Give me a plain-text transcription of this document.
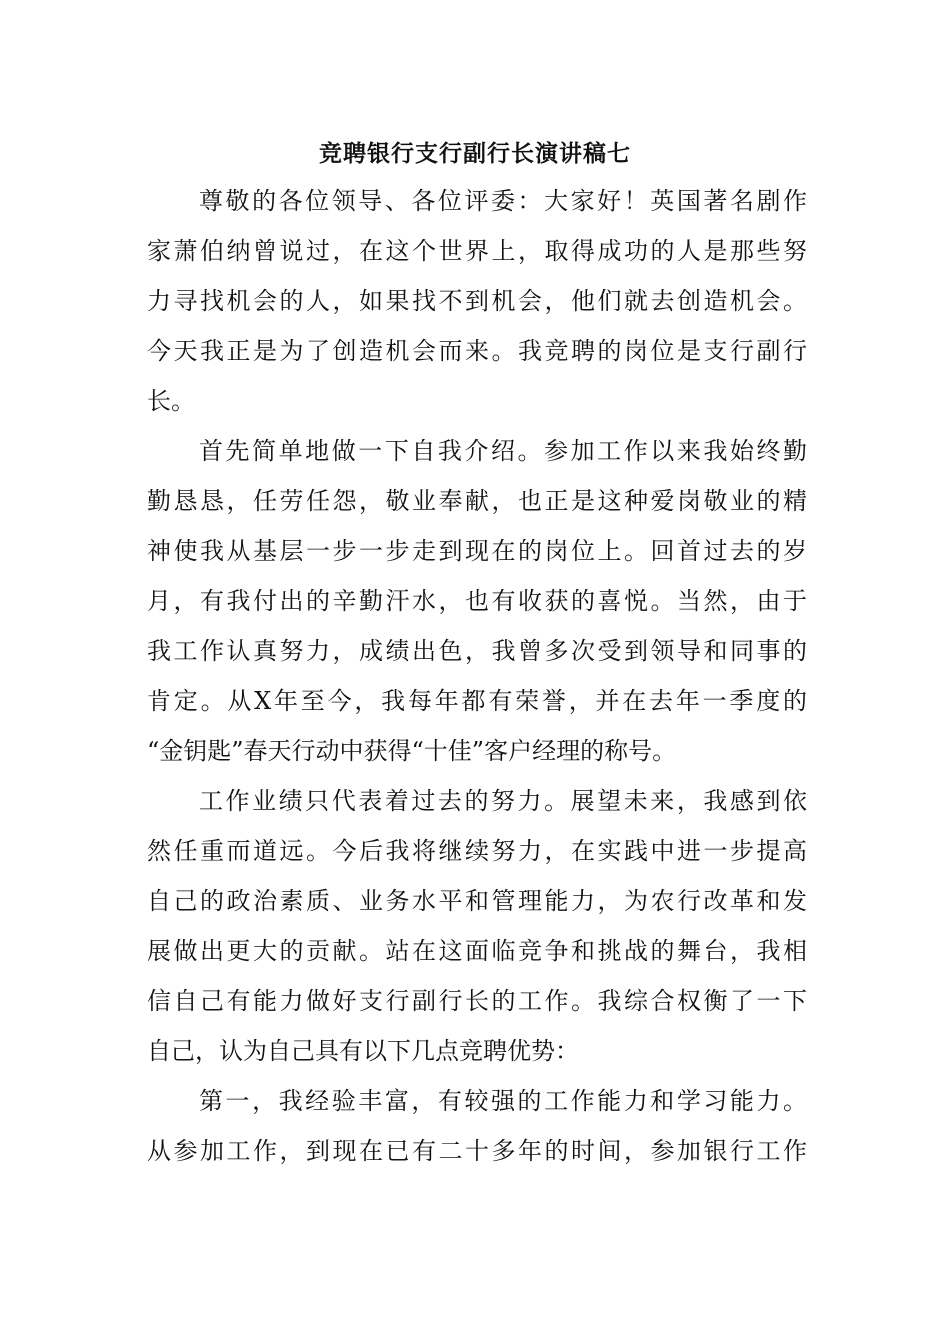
竞聘银行支行副行长演讲稿七
尊敬的各位领导、各位评委：大家好！英国著名剧作
家萧伯纳曾说过，在这个世界上，取得成功的人是那些努
力寻找机会的人，如果找不到机会，他们就去创造机会。
今天我正是为了创造机会而来。我竞聘的岗位是支行副行
长。
首先简单地做一下自我介绍。参加工作以来我始终勤
勤恳恳，任劳任怨，敬业奉献，也正是这种爱岗敬业的精
神使我从基层一步一步走到现在的岗位上。回首过去的岁
月，有我付出的辛勤汗水，也有收获的喜悦。当然，由于
我工作认真努力，成绩出色，我曾多次受到领导和同事的
肯定。从X年至今，我每年都有荣誉，并在去年一季度的
“金钥匙”春天行动中获得“十佳”客户经理的称号。
工作业绩只代表着过去的努力。展望未来，我感到依
然任重而道远。今后我将继续努力，在实践中进一步提高
自己的政治素质、业务水平和管理能力，为农行改革和发
展做出更大的贡献。站在这面临竞争和挑战的舞台，我相
信自己有能力做好支行副行长的工作。我综合权衡了一下
自己，认为自己具有以下几点竞聘优势：
第一，我经验丰富，有较强的工作能力和学习能力。
从参加工作，到现在已有二十多年的时间，参加银行工作
